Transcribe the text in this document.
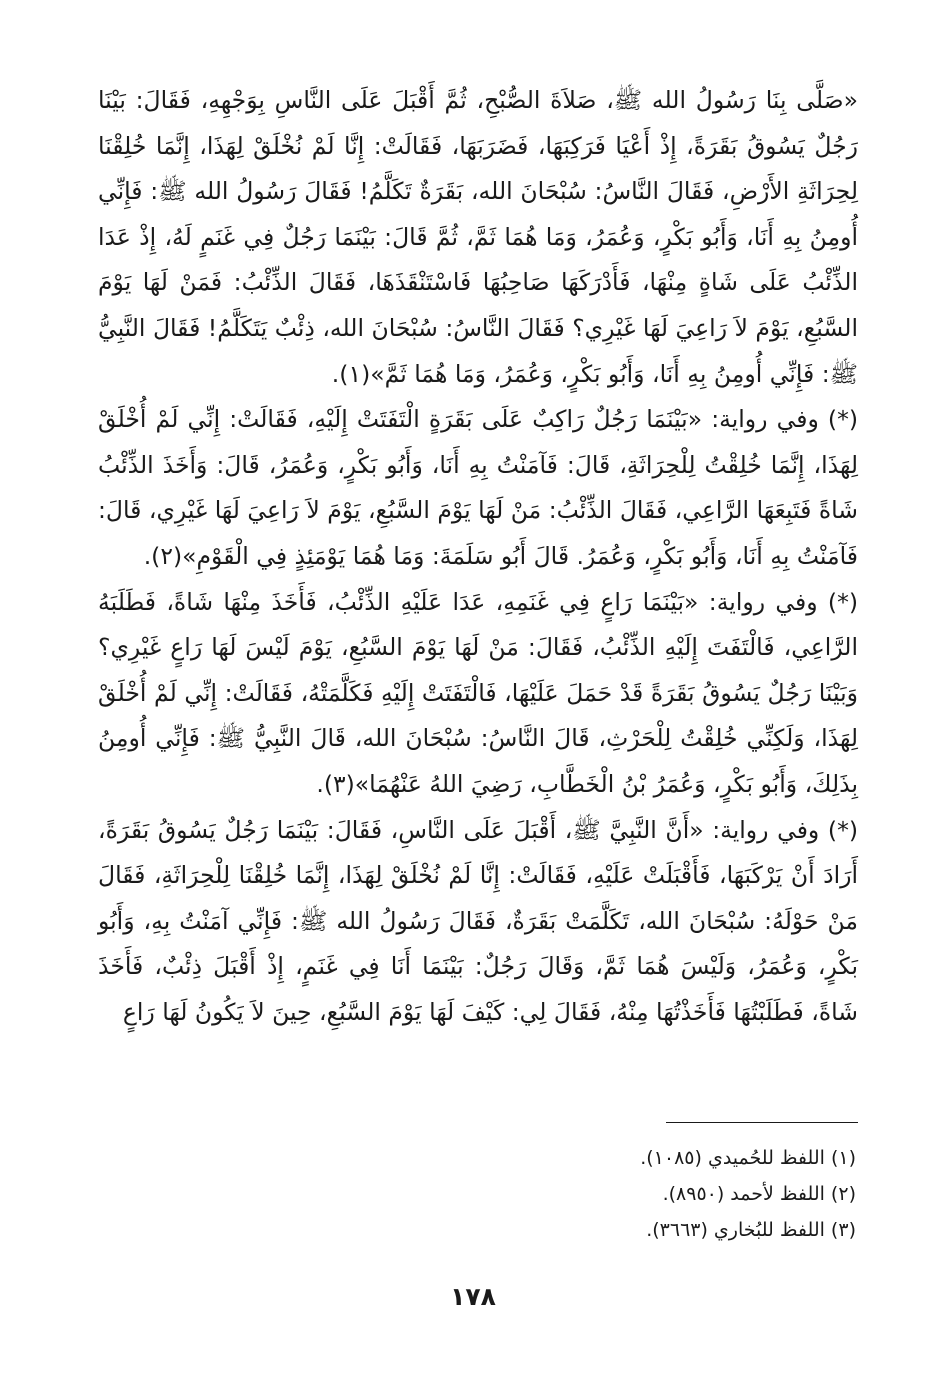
«صَلَّى بِنَا رَسُولُ الله ﷺ، صَلاَةَ الصُّبْحِ، ثُمَّ أَقْبَلَ عَلَى النَّاسِ بِوَجْهِهِ، فَقَالَ: بَيْنَا رَجُلٌ يَسُوقُ بَقَرَةً، إِذْ أَعْيَا فَرَكِبَهَا، فَضَرَبَهَا، فَقَالَتْ: إِنَّا لَمْ نُخْلَقْ لِهَذَا، إِنَّمَا خُلِقْنَا لِحِرَاثَةِ الأَرْضِ، فَقَالَ النَّاسُ: سُبْحَانَ الله، بَقَرَةٌ تَكَلَّمُ! فَقَالَ رَسُولُ الله ﷺ: فَإِنِّي أُومِنُ بِهِ أَنَا، وَأَبُو بَكْرٍ، وَعُمَرُ، وَمَا هُمَا ثَمَّ، ثُمَّ قَالَ: بَيْنَمَا رَجُلٌ فِي غَنَمٍ لَهُ، إِذْ عَدَا الذِّئْبُ عَلَى شَاةٍ مِنْهَا، فَأَدْرَكَهَا صَاحِبُهَا فَاسْتَنْقَذَهَا، فَقَالَ الذِّئْبُ: فَمَنْ لَهَا يَوْمَ السَّبُعِ، يَوْمَ لاَ رَاعِيَ لَهَا غَيْرِي؟ فَقَالَ النَّاسُ: سُبْحَانَ الله، ذِئْبٌ يَتَكَلَّمُ! فَقَالَ النَّبِيُّ ﷺ: فَإِنِّي أُومِنُ بِهِ أَنَا، وَأَبُو بَكْرٍ، وَعُمَرُ، وَمَا هُمَا ثَمَّ»(١).

(*) وفي رواية: «بَيْنَمَا رَجُلٌ رَاكِبٌ عَلَى بَقَرَةٍ الْتَفَتَتْ إِلَيْهِ، فَقَالَتْ: إِنِّي لَمْ أُخْلَقْ لِهَذَا، إِنَّمَا خُلِقْتُ لِلْحِرَاثَةِ، قَالَ: فَآمَنْتُ بِهِ أَنَا، وَأَبُو بَكْرٍ، وَعُمَرُ، قَالَ: وَأَخَذَ الذِّئْبُ شَاةً فَتَبِعَهَا الرَّاعِي، فَقَالَ الذِّئْبُ: مَنْ لَهَا يَوْمَ السَّبُعِ، يَوْمَ لاَ رَاعِيَ لَهَا غَيْرِي، قَالَ: فَآمَنْتُ بِهِ أَنَا، وَأَبُو بَكْرٍ، وَعُمَرُ. قَالَ أَبُو سَلَمَةَ: وَمَا هُمَا يَوْمَئِذٍ فِي الْقَوْمِ»(٢).

(*) وفي رواية: «بَيْنَمَا رَاعٍ فِي غَنَمِهِ، عَدَا عَلَيْهِ الذِّئْبُ، فَأَخَذَ مِنْهَا شَاةً، فَطَلَبَهُ الرَّاعِي، فَالْتَفَتَ إِلَيْهِ الذِّئْبُ، فَقَالَ: مَنْ لَهَا يَوْمَ السَّبُعِ، يَوْمَ لَيْسَ لَهَا رَاعٍ غَيْرِي؟ وَبَيْنَا رَجُلٌ يَسُوقُ بَقَرَةً قَدْ حَمَلَ عَلَيْهَا، فَالْتَفَتَتْ إِلَيْهِ فَكَلَّمَتْهُ، فَقَالَتْ: إِنِّي لَمْ أُخْلَقْ لِهَذَا، وَلَكِنِّي خُلِقْتُ لِلْحَرْثِ، قَالَ النَّاسُ: سُبْحَانَ الله، قَالَ النَّبِيُّ ﷺ: فَإِنِّي أُومِنُ بِذَلِكَ، وَأَبُو بَكْرٍ، وَعُمَرُ بْنُ الْخَطَّابِ، رَضِيَ اللهُ عَنْهُمَا»(٣).

(*) وفي رواية: «أَنَّ النَّبِيَّ ﷺ، أَقْبَلَ عَلَى النَّاسِ، فَقَالَ: بَيْنَمَا رَجُلٌ يَسُوقُ بَقَرَةً، أَرَادَ أَنْ يَرْكَبَهَا، فَأَقْبَلَتْ عَلَيْهِ، فَقَالَتْ: إِنَّا لَمْ نُخْلَقْ لِهَذَا، إِنَّمَا خُلِقْنَا لِلْحِرَاثَةِ، فَقَالَ مَنْ حَوْلَهُ: سُبْحَانَ الله، تَكَلَّمَتْ بَقَرَةٌ، فَقَالَ رَسُولُ الله ﷺ: فَإِنِّي آمَنْتُ بِهِ، وَأَبُو بَكْرٍ، وَعُمَرُ، وَلَيْسَ هُمَا ثَمَّ، وَقَالَ رَجُلٌ: بَيْنَمَا أَنَا فِي غَنَمٍ، إِذْ أَقْبَلَ ذِئْبٌ، فَأَخَذَ شَاةً، فَطَلَبْتُهَا فَأَخَذْتُهَا مِنْهُ، فَقَالَ لِي: كَيْفَ لَهَا يَوْمَ السَّبُعِ، حِينَ لاَ يَكُونُ لَهَا رَاعٍ

(١) اللفظ للحُميدي (١٠٨٥).

(٢) اللفظ لأحمد (٨٩٥٠).

(٣) اللفظ للبُخاري (٣٦٦٣).

١٧٨
